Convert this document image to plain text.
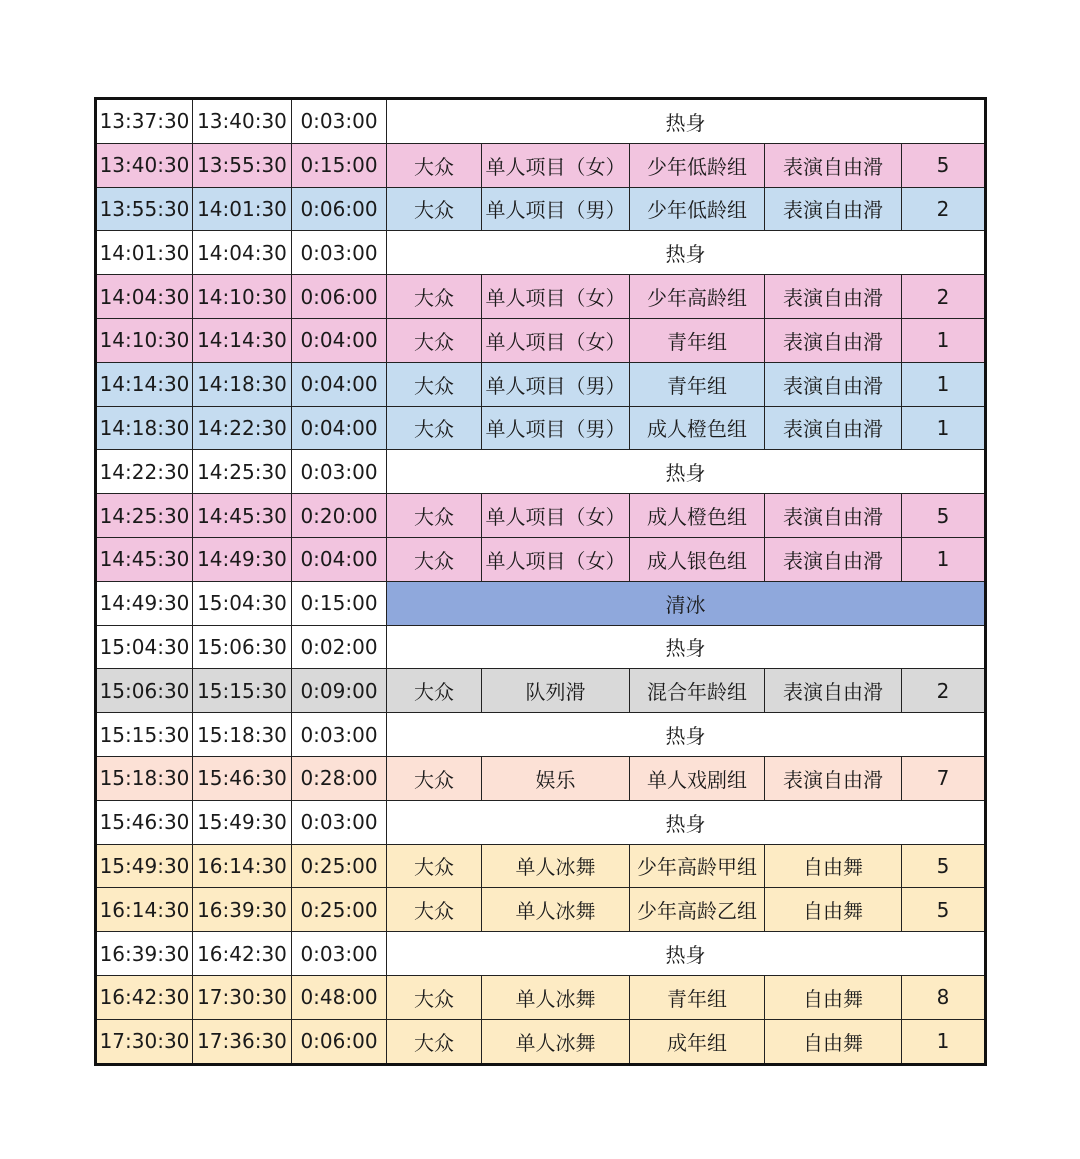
13:37:30	13:40:30	0:03:00	热身				
13:40:30	13:55:30	0:15:00	大众	单人项目（女）	少年低龄组	表演自由滑	5
13:55:30	14:01:30	0:06:00	大众	单人项目（男）	少年低龄组	表演自由滑	2
14:01:30	14:04:30	0:03:00	热身				
14:04:30	14:10:30	0:06:00	大众	单人项目（女）	少年高龄组	表演自由滑	2
14:10:30	14:14:30	0:04:00	大众	单人项目（女）	青年组	表演自由滑	1
14:14:30	14:18:30	0:04:00	大众	单人项目（男）	青年组	表演自由滑	1
14:18:30	14:22:30	0:04:00	大众	单人项目（男）	成人橙色组	表演自由滑	1
14:22:30	14:25:30	0:03:00	热身				
14:25:30	14:45:30	0:20:00	大众	单人项目（女）	成人橙色组	表演自由滑	5
14:45:30	14:49:30	0:04:00	大众	单人项目（女）	成人银色组	表演自由滑	1
14:49:30	15:04:30	0:15:00	清冰				
15:04:30	15:06:30	0:02:00	热身				
15:06:30	15:15:30	0:09:00	大众	队列滑	混合年龄组	表演自由滑	2
15:15:30	15:18:30	0:03:00	热身				
15:18:30	15:46:30	0:28:00	大众	娱乐	单人戏剧组	表演自由滑	7
15:46:30	15:49:30	0:03:00	热身				
15:49:30	16:14:30	0:25:00	大众	单人冰舞	少年高龄甲组	自由舞	5
16:14:30	16:39:30	0:25:00	大众	单人冰舞	少年高龄乙组	自由舞	5
16:39:30	16:42:30	0:03:00	热身				
16:42:30	17:30:30	0:48:00	大众	单人冰舞	青年组	自由舞	8
17:30:30	17:36:30	0:06:00	大众	单人冰舞	成年组	自由舞	1
